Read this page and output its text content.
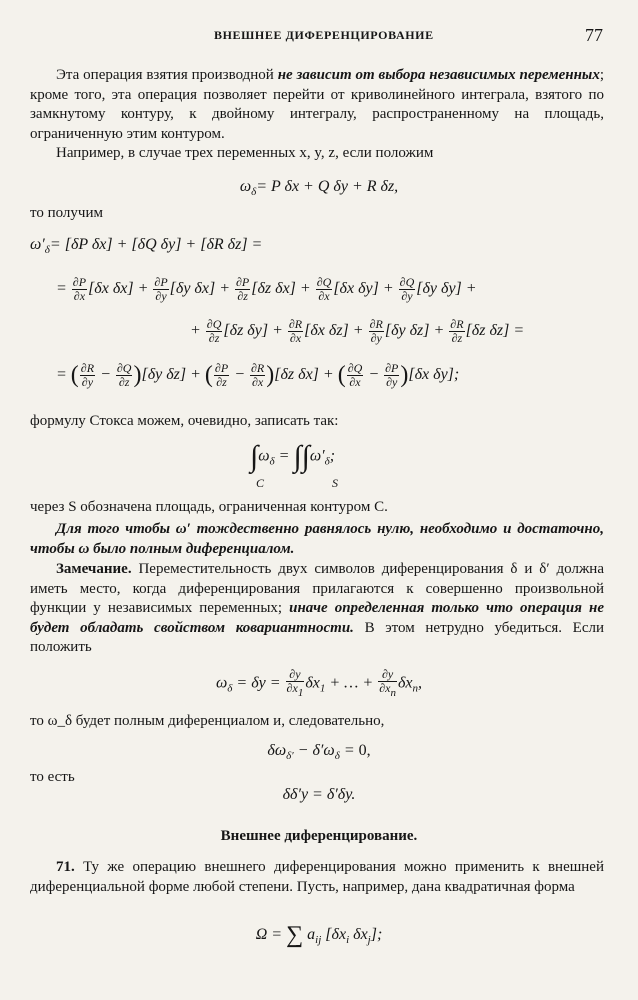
ВНЕШНЕЕ ДИФЕРЕНЦИРОВАНИЕ	77
Эта операция взятия производной не зависит от выбора независимых переменных; кроме того, эта операция позволяет перейти от криволинейного интеграла, взятого по замкнутому контуру, к двойному интегралу, распространенному на площадь, ограниченную этим контуром.
Например, в случае трех переменных x, y, z, если положим
$\omega_\delta= P$ δx + Q δy + R δz,
то получим
$\omega'_\delta= [\delta P$ δx] + [δQ δy] + [δR δz] =
= $\frac{\partial P}{\partial x} [\delta x$ $\delta x] + \frac{\partial P}{\partial y} [\delta y$ $\delta x] + \frac{\partial P}{\partial z} [\delta z$ $\delta x] + \frac{\partial Q}{\partial x} [\delta x$ $\delta y] + \frac{\partial Q}{\partial y} [\delta y$ δy] +
+ $\frac{\partial Q}{\partial z} [\delta z$ $\delta y] + \frac{\partial R}{\partial x} [\delta x$ $\delta z] + \frac{\partial R}{\partial y} [\delta y$ $\delta z] + \frac{\partial R}{\partial z} [\delta z$ δz] =
= ( $\frac{\partial R}{\partial y} - \frac{\partial Q}{\partial z} )[\delta y$ δz] + ( $\frac{\partial P}{\partial z} - \frac{\partial R}{\partial x} )[\delta z$ δx] + ( $\frac{\partial Q}{\partial x} - \frac{\partial P}{\partial y} )[\delta x$ δy];
формулу Стокса можем, очевидно, записать так:
$\int\omega_\delta = \int\int\omega'_\delta$;
C	S
через S обозначена площадь, ограниченная контуром C.
Для того чтобы ω′ тождественно равнялось нулю, необходимо и достаточно, чтобы ω было полным диференциалом.
Замечание. Переместительность двух символов диференцирования δ и δ′ должна иметь место, когда диференцирования прилагаются к совершенно произвольной функции y независимых переменных; иначе определенная только что операция не будет обладать свойством ковариантности. В этом нетрудно убедиться. Если положить
$\omega_\delta = \delta y = \frac{\partial y}{\partial x1} \delta x_1$ + … + $\frac{\partial y}{\partial xn} \delta x_n$,
то ω_δ будет полным диференциалом и, следовательно,
$\delta\omega_{\delta'} - \delta'\omega_\delta = 0$,
то есть
δδ′y = δ′δy.
Внешнее диференцирование.
71. Ту же операцию внешнего диференцирования можно применить к внешней диференциальной форме любой степени. Пусть, например, дана квадратичная форма
Ω = ∑ $a_{ij}$ [$\delta x_i$ $\delta x_j$];
